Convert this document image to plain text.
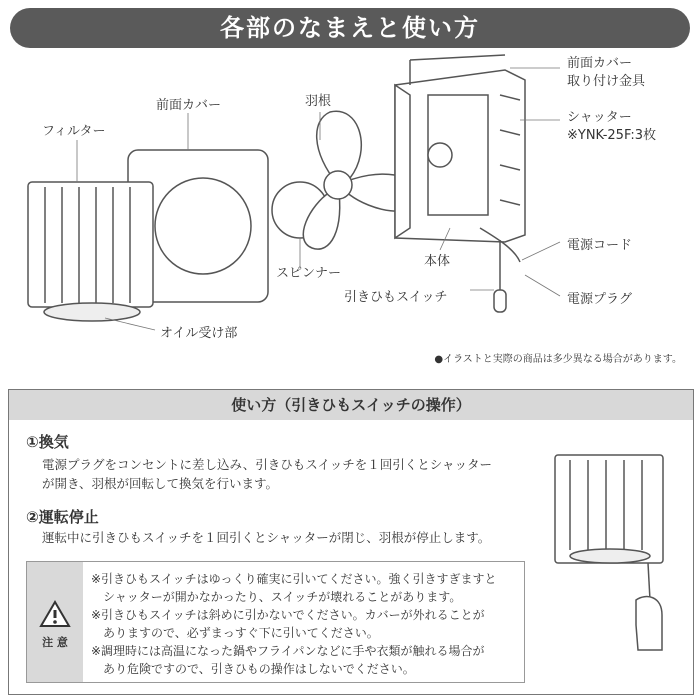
各部のなまえと使い方
フィルター
前面カバー	羽根
前面カバー
取り付け金具
シャッター
※YNK-25F:3枚
電源コード
本体
スピンナー
引きひもスイッチ	電源プラグ
オイル受け部
●イラストと実際の商品は多少異なる場合があります。
使い方（引きひもスイッチの操作）
①換気
電源プラグをコンセントに差し込み、引きひもスイッチを１回引くとシャッター
が開き、羽根が回転して換気を行います。
②運転停止
運転中に引きひもスイッチを１回引くとシャッターが閉じ、羽根が停止します。
注 意
※引きひもスイッチはゆっくり確実に引いてください。強く引きすぎますと
　シャッターが開かなかったり、スイッチが壊れることがあります。
※引きひもスイッチは斜めに引かないでください。カバーが外れることが
　ありますので、必ずまっすぐ下に引いてください。
※調理時には高温になった鍋やフライパンなどに手や衣類が触れる場合が
　あり危険ですので、引きひもの操作はしないでください。
